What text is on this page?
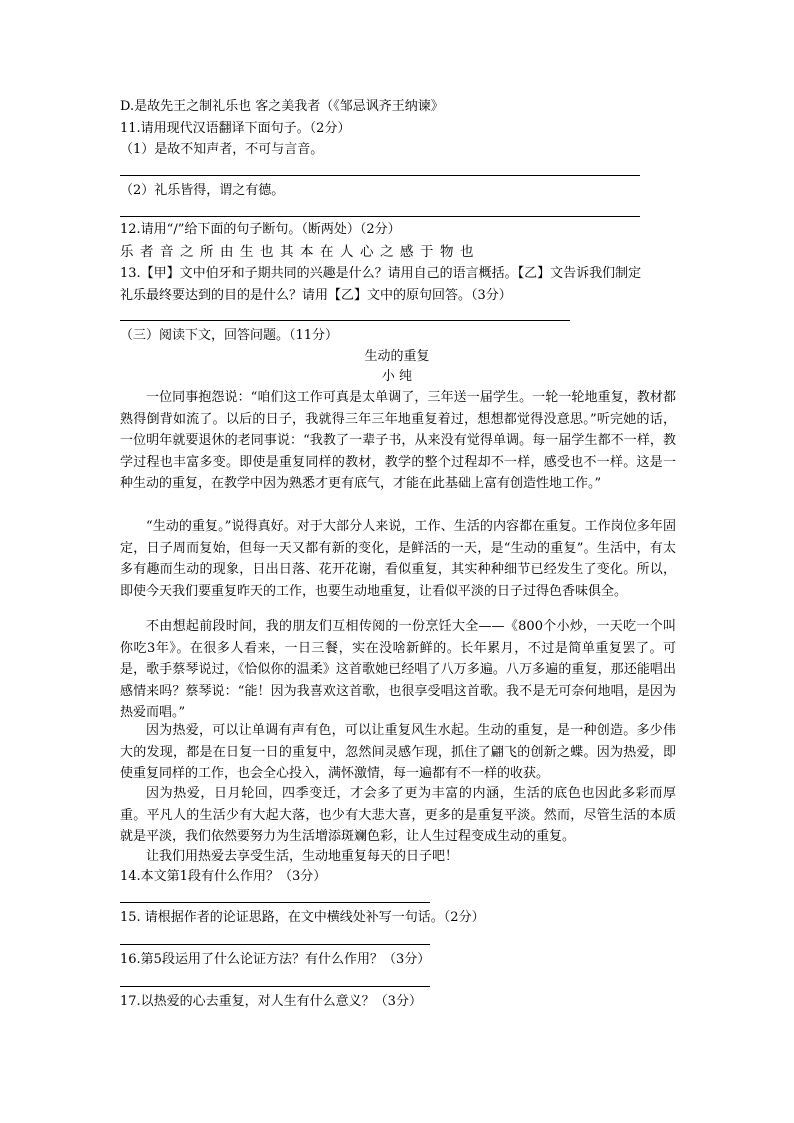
D.是故先王之制礼乐也 客之美我者（《邹忌讽齐王纳谏》
11.请用现代汉语翻译下面句子。（2分）
（1）是故不知声者，不可与言音。
（2）礼乐皆得，谓之有德。
12.请用“/”给下面的句子断句。（断两处）（2分）
乐者音之所由生也其本在人心之感于物也
13.【甲】文中伯牙和子期共同的兴趣是什么？请用自己的语言概括。【乙】文告诉我们制定
礼乐最终要达到的目的是什么？请用【乙】文中的原句回答。（3分）
（三）阅读下文，回答问题。（11分）
生动的重复
小 纯
一位同事抱怨说：“咱们这工作可真是太单调了，三年送一届学生。一轮一轮地重复，教材都熟得倒背如流了。以后的日子，我就得三年三年地重复着过，想想都觉得没意思。”听完她的话，一位明年就要退休的老同事说：“我教了一辈子书，从来没有觉得单调。每一届学生都不一样，教学过程也丰富多变。即使是重复同样的教材，教学的整个过程却不一样，感受也不一样。这是一种生动的重复，在教学中因为熟悉才更有底气，才能在此基础上富有创造性地工作。”
“生动的重复。”说得真好。对于大部分人来说，工作、生活的内容都在重复。工作岗位多年固定，日子周而复始，但每一天又都有新的变化，是鲜活的一天，是“生动的重复”。生活中，有太多有趣而生动的现象，日出日落、花开花谢，看似重复，其实种种细节已经发生了变化。所以，即使今天我们要重复昨天的工作，也要生动地重复，让看似平淡的日子过得色香味俱全。
不由想起前段时间，我的朋友们互相传阅的一份烹饪大全——《800个小炒，一天吃一个叫你吃3年》。在很多人看来，一日三餐，实在没啥新鲜的。长年累月，不过是简单重复罢了。可是，歌手蔡琴说过，《恰似你的温柔》这首歌她已经唱了八万多遍。八万多遍的重复，那还能唱出感情来吗？蔡琴说：“能！因为我喜欢这首歌，也很享受唱这首歌。我不是无可奈何地唱，是因为热爱而唱。”
因为热爱，可以让单调有声有色，可以让重复风生水起。生动的重复，是一种创造。多少伟大的发现，都是在日复一日的重复中，忽然间灵感乍现，抓住了翩飞的创新之蝶。因为热爱，即使重复同样的工作，也会全心投入，满怀激情，每一遍都有不一样的收获。
因为热爱，日月轮回，四季变迁，才会多了更为丰富的内涵，生活的底色也因此多彩而厚重。平凡人的生活少有大起大落，也少有大悲大喜，更多的是重复平淡。然而，尽管生活的本质就是平淡，我们依然要努力为生活增添斑斓色彩，让人生过程变成生动的重复。
让我们用热爱去享受生活，生动地重复每天的日子吧！
14.本文第1段有什么作用？（3分）
15. 请根据作者的论证思路，在文中横线处补写一句话。（2分）
16.第5段运用了什么论证方法？有什么作用？（3分）
17.以热爱的心去重复，对人生有什么意义？（3分）
